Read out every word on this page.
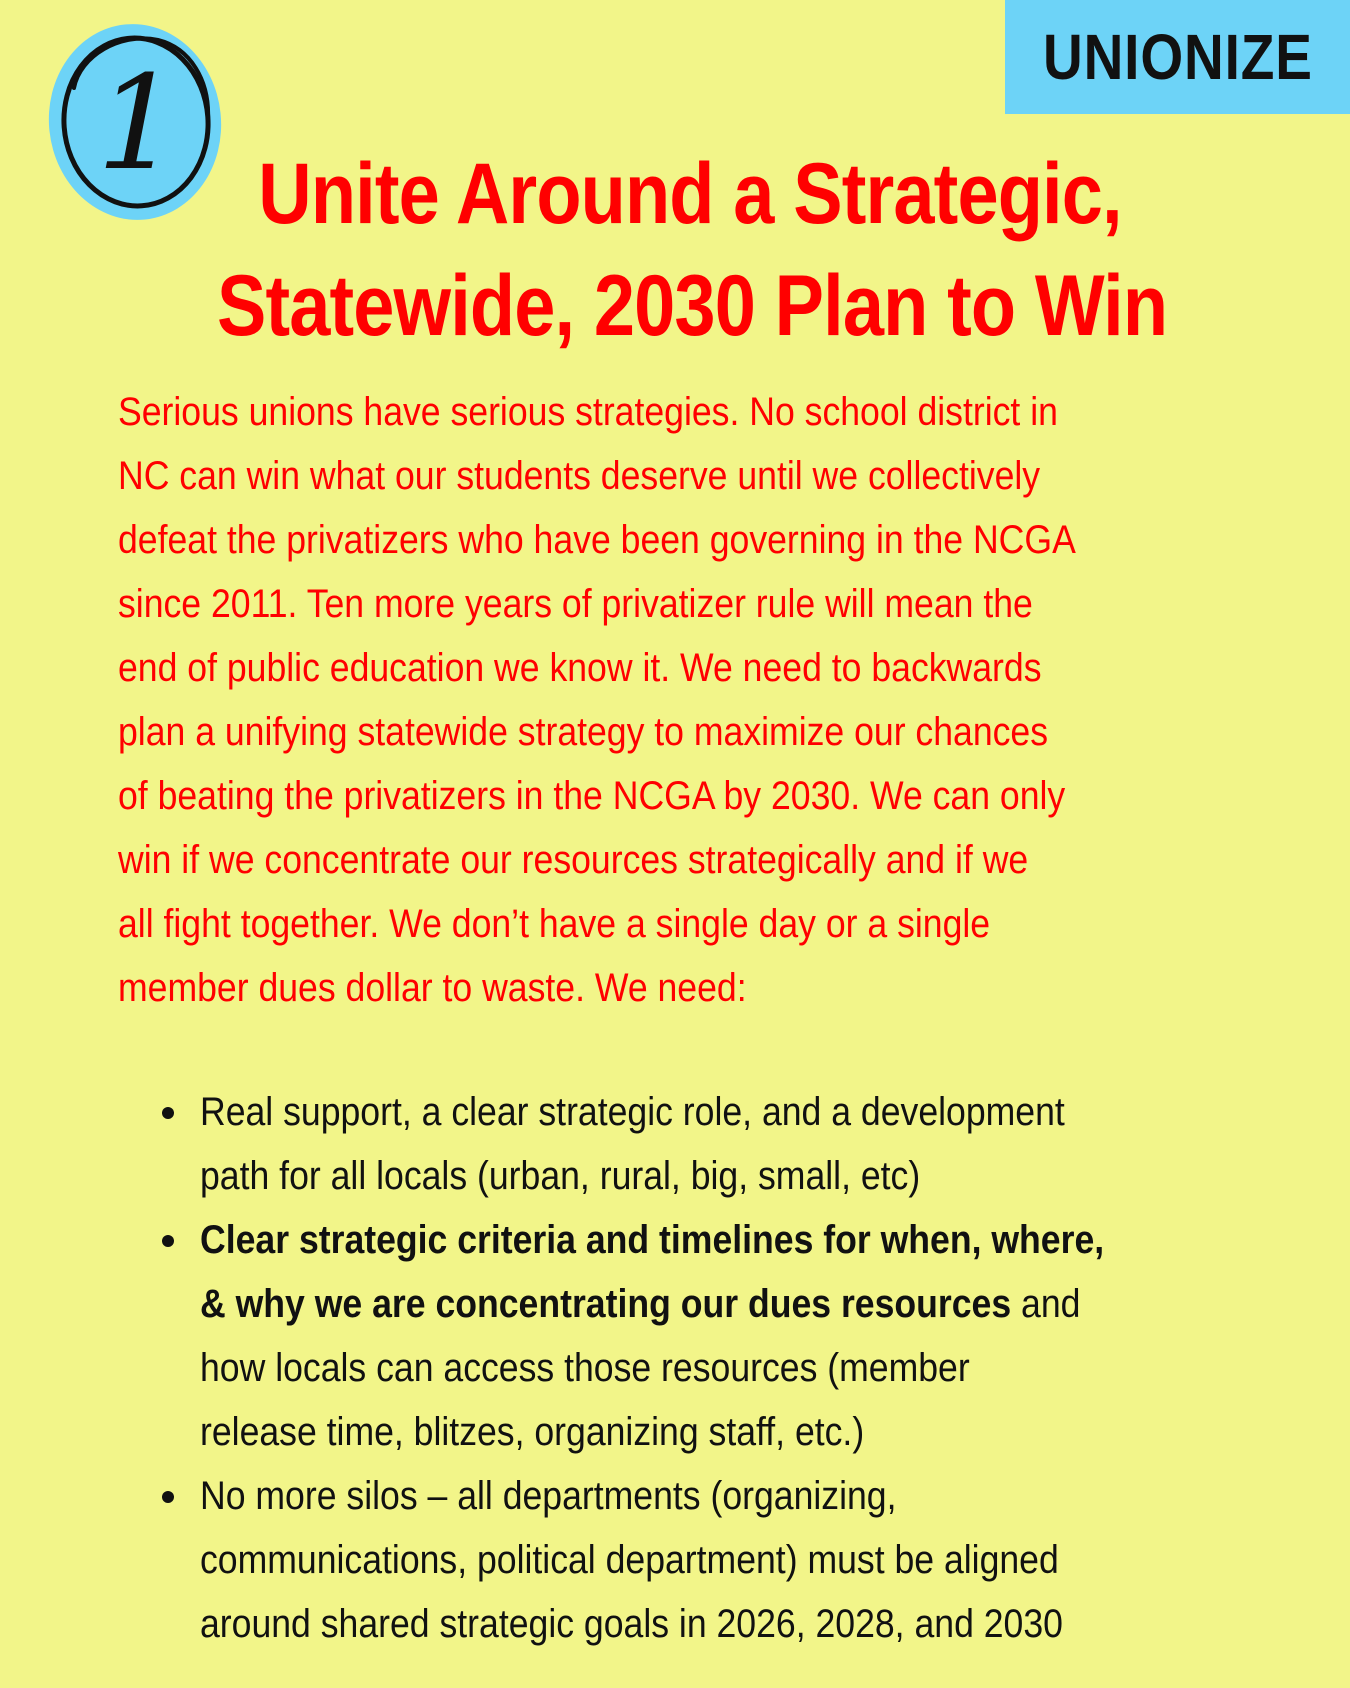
UNIONIZE
1 Unite Around a Strategic,
Statewide, 2030 Plan to Win

Serious unions have serious strategies. No school district in
NC can win what our students deserve until we collectively
defeat the privatizers who have been governing in the NCGA
since 2011. Ten more years of privatizer rule will mean the
end of public education we know it. We need to backwards
plan a unifying statewide strategy to maximize our chances
of beating the privatizers in the NCGA by 2030. We can only
win if we concentrate our resources strategically and if we
all fight together. We don’t have a single day or a single
member dues dollar to waste. We need:

Real support, a clear strategic role, and a development
path for all locals (urban, rural, big, small, etc)
Clear strategic criteria and timelines for when, where,
& why we are concentrating our dues resources and
how locals can access those resources (member
release time, blitzes, organizing staff, etc.)
No more silos – all departments (organizing,
communications, political department) must be aligned
around shared strategic goals in 2026, 2028, and 2030
